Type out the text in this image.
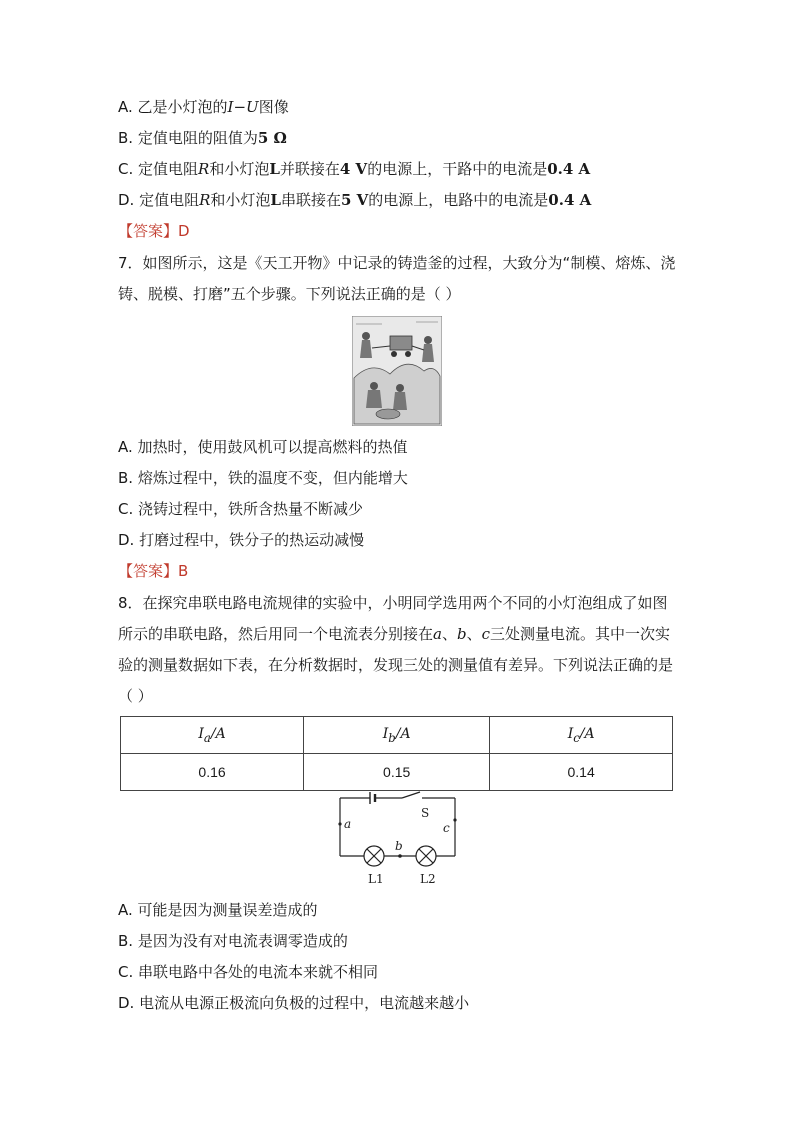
A. 乙是小灯泡的I−U图像
B. 定值电阻的阻值为5 Ω
C. 定值电阻R和小灯泡L并联接在4 V的电源上，干路中的电流是0.4 A
D. 定值电阻R和小灯泡L串联接在5 V的电源上，电路中的电流是0.4 A
【答案】D
7．如图所示，这是《天工开物》中记录的铸造釜的过程，大致分为“制模、熔炼、浇铸、脱模、打磨”五个步骤。下列说法正确的是（ ）
A. 加热时，使用鼓风机可以提高燃料的热值
B. 熔炼过程中，铁的温度不变，但内能增大
C. 浇铸过程中，铁所含热量不断减少
D. 打磨过程中，铁分子的热运动减慢
【答案】B
8．在探究串联电路电流规律的实验中，小明同学选用两个不同的小灯泡组成了如图所示的串联电路，然后用同一个电流表分别接在a、b、c三处测量电流。其中一次实验的测量数据如下表，在分析数据时，发现三处的测量值有差异。下列说法正确的是（ ）
$I_a/A$	$I_b/A$	$I_c/A$
0.16	0.15	0.14
S
a
b
c
L1	L2
A. 可能是因为测量误差造成的
B. 是因为没有对电流表调零造成的
C. 串联电路中各处的电流本来就不相同
D. 电流从电源正极流向负极的过程中，电流越来越小
